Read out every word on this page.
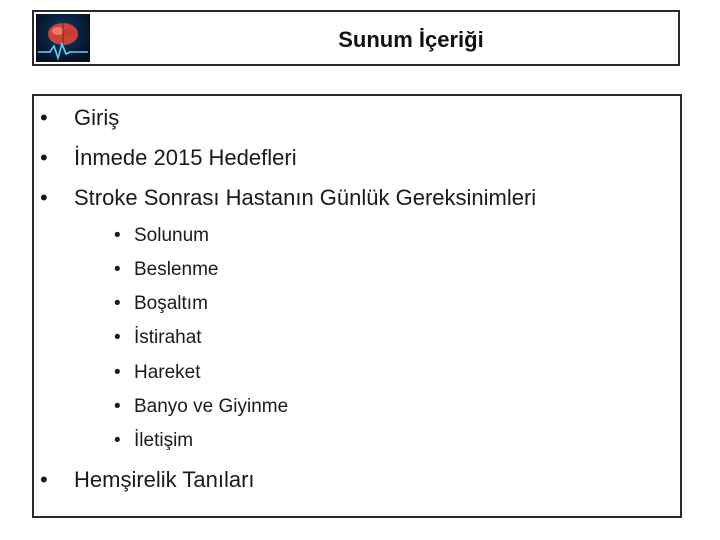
Sunum İçeriği
• Giriş
• İnmede 2015 Hedefleri
• Stroke Sonrası Hastanın Günlük Gereksinimleri
• Hemşirelik Tanıları
• Solunum
• Beslenme
• Boşaltım
• İstirahat
• Hareket
• Banyo ve Giyinme
• İletişim
